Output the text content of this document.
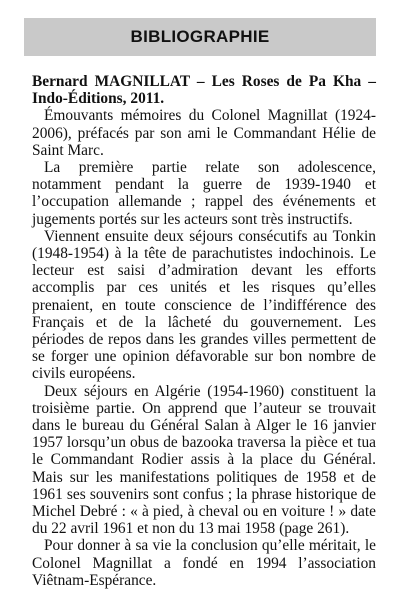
BIBLIOGRAPHIE

Bernard MAGNILLAT – Les Roses de Pa Kha – Indo-Éditions, 2011.

Émouvants mémoires du Colonel Magnillat (1924-2006), préfacés par son ami le Commandant Hélie de Saint Marc.

La première partie relate son adolescence, notamment pendant la guerre de 1939-1940 et l’occupation allemande ; rappel des événements et jugements portés sur les acteurs sont très instructifs.

Viennent ensuite deux séjours consécutifs au Tonkin (1948-1954) à la tête de parachutistes indochinois. Le lecteur est saisi d’admiration devant les efforts accomplis par ces unités et les risques qu’elles prenaient, en toute conscience de l’indifférence des Français et de la lâcheté du gouvernement. Les périodes de repos dans les grandes villes permettent de se forger une opinion défavorable sur bon nombre de civils européens.

Deux séjours en Algérie (1954-1960) constituent la troisième partie. On apprend que l’auteur se trouvait dans le bureau du Général Salan à Alger le 16 janvier 1957 lorsqu’un obus de bazooka traversa la pièce et tua le Commandant Rodier assis à la place du Général. Mais sur les manifestations politiques de 1958 et de 1961 ses souvenirs sont confus ; la phrase historique de Michel Debré : « à pied, à cheval ou en voiture ! » date du 22 avril 1961 et non du 13 mai 1958 (page 261).

Pour donner à sa vie la conclusion qu’elle méritait, le Colonel Magnillat a fondé en 1994 l’association Viêtnam-Espérance.
